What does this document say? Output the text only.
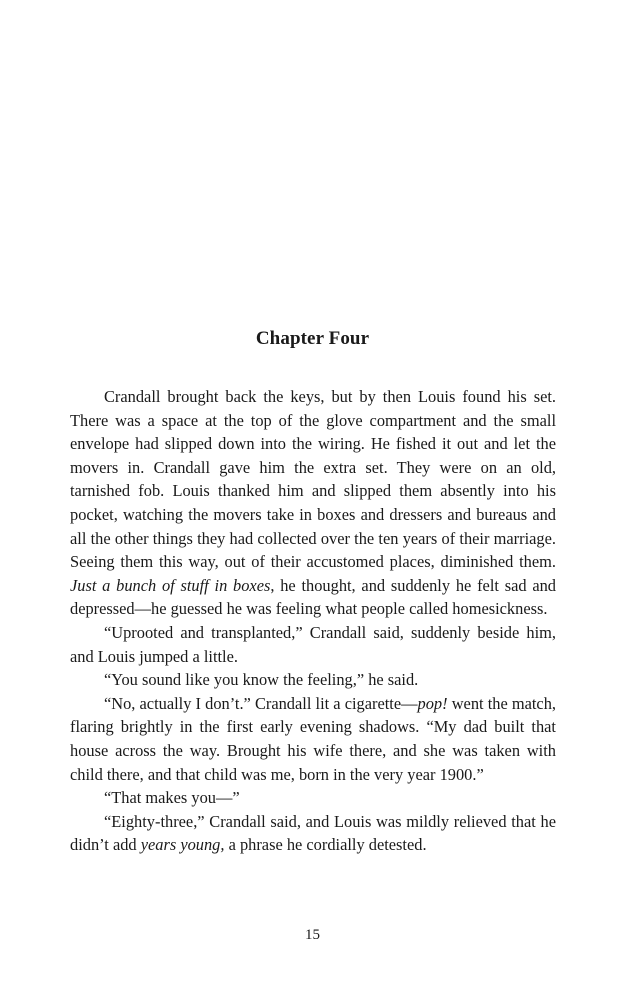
Chapter Four

Crandall brought back the keys, but by then Louis found his set. There was a space at the top of the glove compartment and the small envelope had slipped down into the wiring. He fished it out and let the movers in. Crandall gave him the extra set. They were on an old, tarnished fob. Louis thanked him and slipped them absently into his pocket, watching the movers take in boxes and dressers and bureaus and all the other things they had collected over the ten years of their marriage. Seeing them this way, out of their accustomed places, diminished them. Just a bunch of stuff in boxes, he thought, and suddenly he felt sad and depressed—he guessed he was feeling what people called homesickness.

“Uprooted and transplanted,” Crandall said, suddenly beside him, and Louis jumped a little.

“You sound like you know the feeling,” he said.

“No, actually I don’t.” Crandall lit a cigarette—pop! went the match, flaring brightly in the first early evening shadows. “My dad built that house across the way. Brought his wife there, and she was taken with child there, and that child was me, born in the very year 1900.”

“That makes you—”

“Eighty-three,” Crandall said, and Louis was mildly relieved that he didn’t add years young, a phrase he cordially detested.

15
